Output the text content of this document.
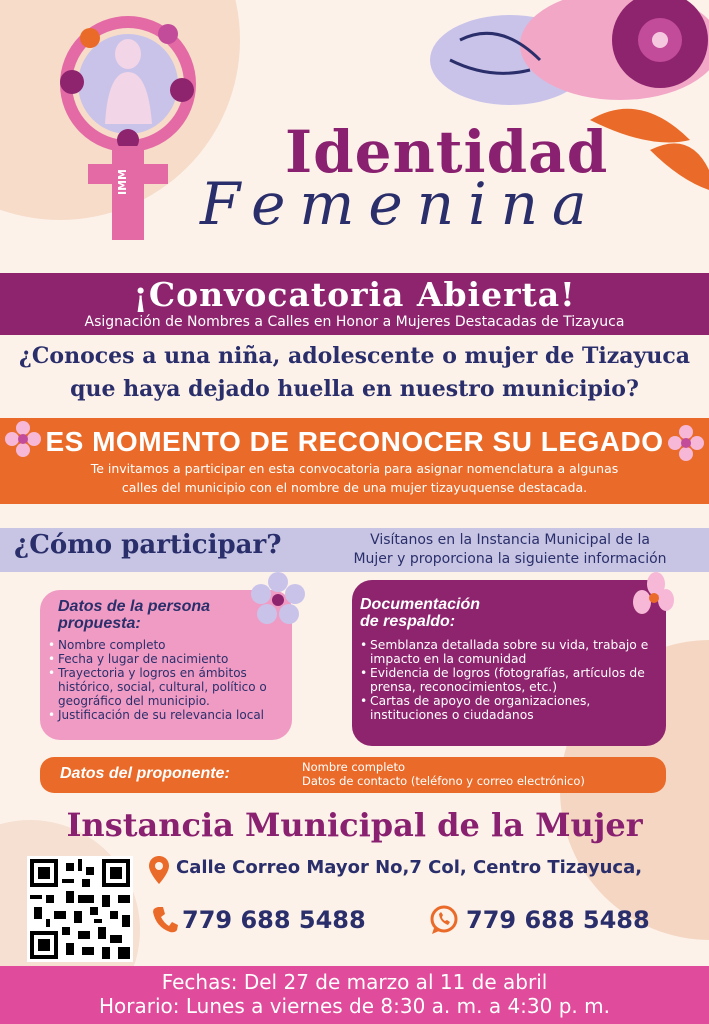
IMM	Identidad
Femenina
¡Convocatoria Abierta!
Asignación de Nombres a Calles en Honor a Mujeres Destacadas de Tizayuca
¿Conoces a una niña, adolescente o mujer de Tizayuca
que haya dejado huella en nuestro municipio?
ES MOMENTO DE RECONOCER SU LEGADO
Te invitamos a participar en esta convocatoria para asignar nomenclatura a algunas
calles del municipio con el nombre de una mujer tizayuquense destacada.
¿Cómo participar?	Visítanos en la Instancia Municipal de la
Mujer y proporciona la siguiente información
Datos de la persona
propuesta:
• Nombre completo
• Fecha y lugar de nacimiento
• Trayectoria y logros en ámbitos histórico, social, cultural, político o geográfico del municipio.
• Justificación de su relevancia local
Documentación
de respaldo:
• Semblanza detallada sobre su vida, trabajo e impacto en la comunidad
• Evidencia de logros (fotografías, artículos de prensa, reconocimientos, etc.)
• Cartas de apoyo de organizaciones, instituciones o ciudadanos
Datos del proponente:	Nombre completo
Datos de contacto (teléfono y correo electrónico)
Instancia Municipal de la Mujer
Calle Correo Mayor No,7 Col, Centro Tizayuca,
779 688 5488	779 688 5488
Fechas: Del 27 de marzo al 11 de abril
Horario: Lunes a viernes de 8:30 a. m. a 4:30 p. m.
